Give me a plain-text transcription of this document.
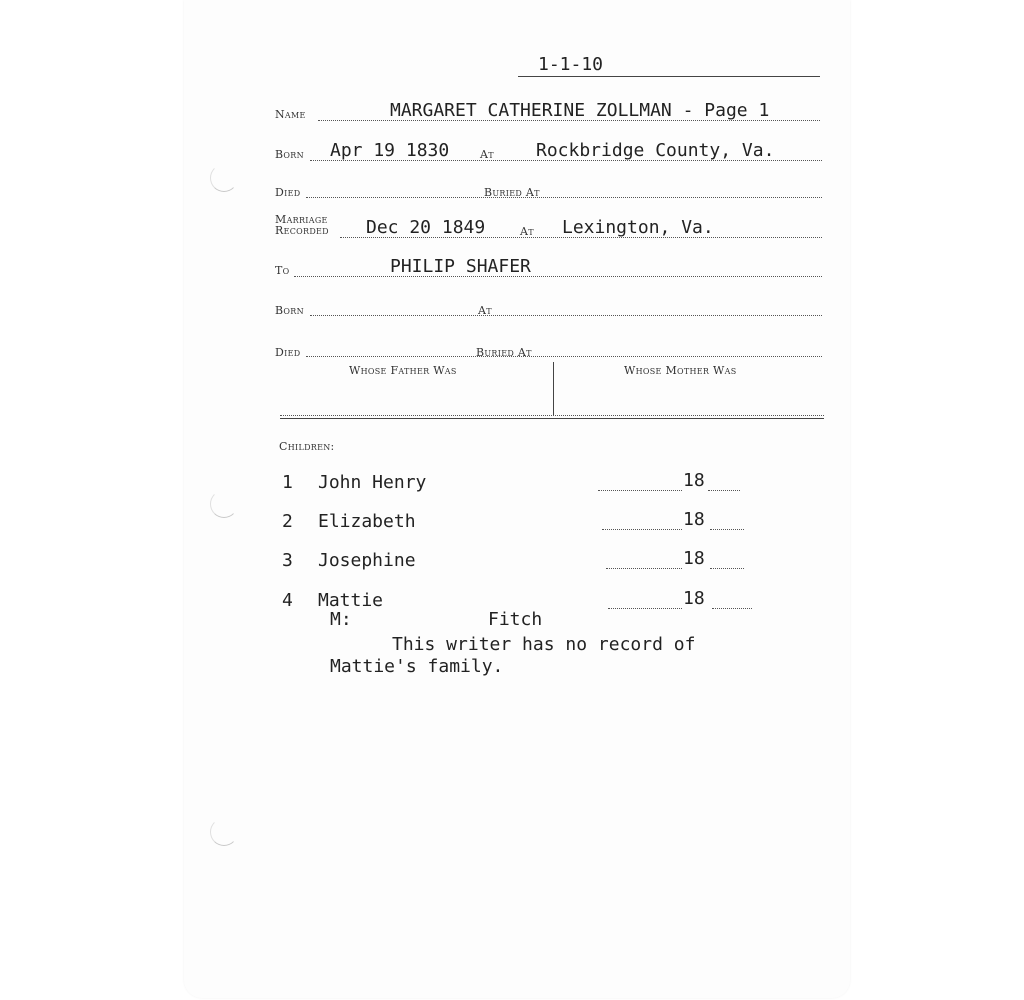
1-1-10
Name	MARGARET CATHERINE ZOLLMAN - Page 1
Born Apr 19 1830	At Rockbridge County, Va.
Died	Buried At
Marriage
Recorded Dec 20 1849	At Lexington, Va.
To	PHILIP SHAFER
Born	At
Died	Buried At
Whose Father Was	Whose Mother Was
Children:
1 John Henry	18
2 Elizabeth	18
3 Josephine	18
4 Mattie	18
M:	Fitch
This writer has no record of
Mattie's family.
